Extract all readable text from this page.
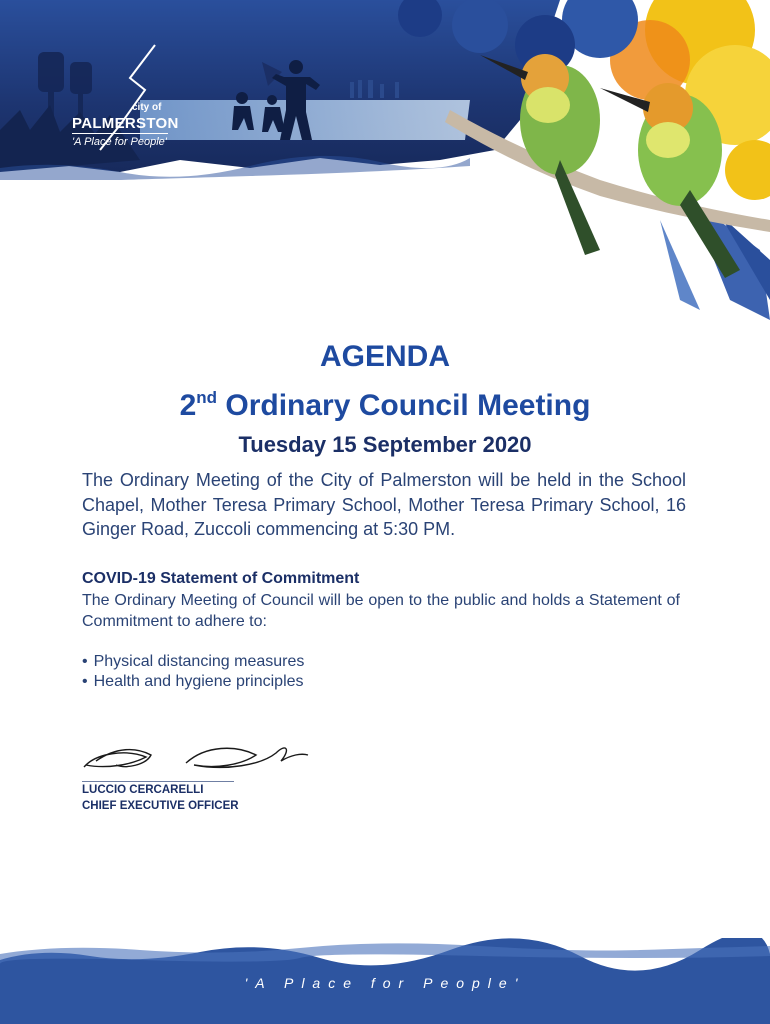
city of
PALMERSTON
'A Place for People'
AGENDA
2nd Ordinary Council Meeting
Tuesday 15 September 2020
The Ordinary Meeting of the City of Palmerston will be held in the School Chapel, Mother Teresa Primary School, Mother Teresa Primary School, 16 Ginger Road, Zuccoli commencing at 5:30 PM.
COVID-19 Statement of Commitment
The Ordinary Meeting of Council will be open to the public and holds a Statement of Commitment to adhere to:
• Physical distancing measures
• Health and hygiene principles
LUCCIO CERCARELLI
CHIEF EXECUTIVE OFFICER
'A Place for People'
